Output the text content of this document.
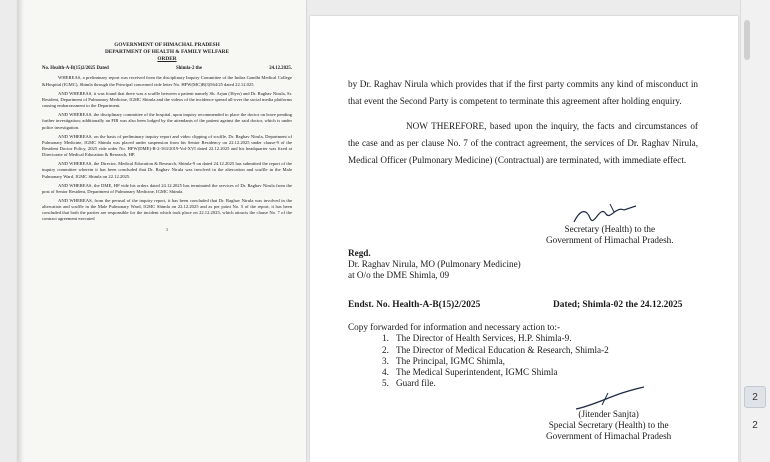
GOVERNMENT OF HIMACHAL PRADESH
DEPARTMENT OF HEALTH & FAMILY WELFARE
ORDER
No. Health-A-B(15)2/2025 Dated	Shimla-2 the	24.12.2025.

WHEREAS, a preliminary report was received from the disciplinary Inquiry Committee of the Indira Gandhi Medical College &Hospital (IGMC), Shimla through the Principal concerned vide letter No. HFW(MC)B(3)564/25 dated 22.12.025

AND WHEREAS, it was found that there was a scuffle between a patient namely Sh. Arjun (36yrs) and Dr. Raghav Nirula, Sr. Resident, Department of Pulmonary Medicine, IGMC Shimla and the videos of the incidence spread all-over the social media platforms causing embarrassment to the Department.

AND WHEREAS, the disciplinary committee of the hospital, upon inquiry recommended to place the doctor on leave pending further investigation; additionally an FIR was also been lodged by the attendants of the patient against the said doctor, which is under police investigation.

AND WHEREAS, on the basis of preliminary inquiry report and video clipping of scuffle, Dr. Raghav Nirula, Department of Pulmonary Medicine, IGMC Shimla was placed under suspension from his Senior Residency on 22.12.2025 under clause-9 of the Resident Doctor Policy, 2025 vide order No. HFW(DME)-B-2-163/2019-Vol-XVI dated 22.12.2025 and his headquarter was fixed at Directorate of Medical Education & Research, HP.

AND WHEREAS, the Director, Medical Education & Research, Shimla-9 on dated 24.12.2025 has submitted the report of the inquiry committee wherein it has been concluded that Dr. Raghav Nirula was involved in the altercation and scuffle in the Male Pulmonary Ward, IGMC Shimla on 22.12.2025.

AND WHEREAS, the DME, HP vide his orders dated 24.12.2025 has terminated the services of Dr. Raghav Nirula from the post of Senior Resident, Department of Pulmonary Medicine, IGMC Shimla.

AND WHEREAS, from the perusal of the inquiry report, it has been concluded that Dr. Raghav Nirula was involved in the altercation and scuffle in the Male Pulmonary Ward, IGMC Shimla on 22.12.2025 and as per point No. 5 of the report, it has been concluded that both the parties are responsible for the incident which took place on 22.12.2025, which attracts the clause No. 7 of the contract agreement executed

1
by Dr. Raghav Nirula which provides that if the first party commits any kind of misconduct in that event the Second Party is competent to terminate this agreement after holding enquiry.
NOW THEREFORE, based upon the inquiry, the facts and circumstances of the case and as per clause No. 7 of the contract agreement, the services of Dr. Raghav Nirula, Medical Officer (Pulmonary Medicine) (Contractual) are terminated, with immediate effect.
Secretary (Health) to the
Government of Himachal Pradesh.
Regd.
Dr. Raghav Nirula, MO (Pulmonary Medicine)
at O/o the DME Shimla, 09
Endst. No. Health-A-B(15)2/2025	Dated; Shimla-02 the 24.12.2025
Copy forwarded for information and necessary action to:-
1. The Director of Health Services, H.P. Shimla-9.
2. The Director of Medical Education & Research, Shimla-2
3. The Principal, IGMC Shimla,
4. The Medical Superintendent, IGMC Shimla
5. Guard file.
(Jitender Sanjta)
Special Secretary (Health) to the
Government of Himachal Pradesh
2
2
